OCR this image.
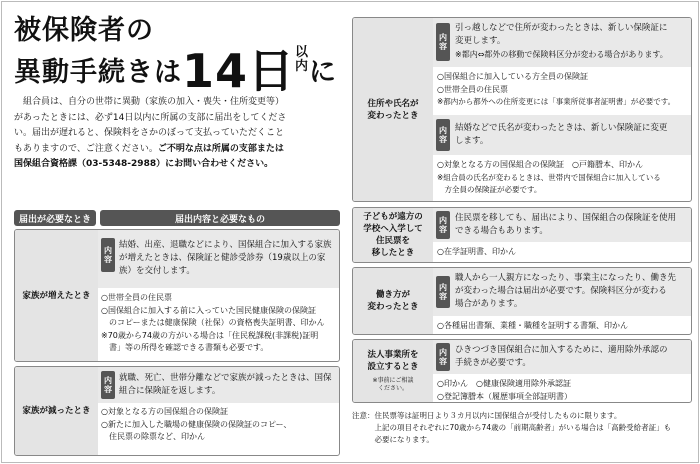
被保険者の
異動手続きは14日以
内に
　組合員は、自分の世帯に異動（家族の加入・喪失・住所変更等）
があったときには、必ず14日以内に所属の支部に届出をしてくださ
い。届出が遅れると、保険料をさかのぼって支払っていただくこと
もありますので、ご注意ください。ご不明な点は所属の支部または
国保組合資格課（03-5348-2988）にお問い合わせください。
届出が必要なとき	届出内容と必要なもの
家族が増えたとき
内容
結婚、出産、退職などにより、国保組合に加入する家族
が増えたときは、保険証と健診受診券（19歳以上の家
族）を交付します。
○世帯全員の住民票
○国保組合に加入する前に入っていた国民健康保険の保険証
　のコピーまたは健康保険（社保）の資格喪失証明書、印かん
※70歳から74歳の方がいる場合は「住民税課税(非課税)証明
　書」等の所得を確認できる書類も必要です。
家族が減ったとき
内容 就職、死亡、世帯分離などで家族が減ったときは、国保
組合に保険証を返します。
○対象となる方の国保組合の保険証
○新たに加入した職場の健康保険の保険証のコピー、
　住民票の除票など、印かん
住所や氏名が
変わったとき
内容
引っ越しなどで住所が変わったときは、新しい保険証に
変更します。
※都内⇔都外の移動で保険料区分が変わる場合があります。
○国保組合に加入している方全員の保険証
○世帯全員の住民票
※都内から都外への住所変更には「事業所従事者証明書」が必要です。
内容 結婚などで氏名が変わったときは、新しい保険証に変更
します。
○対象となる方の国保組合の保険証　○戸籍謄本、印かん
※組合員の氏名が変わるときは、世帯内で国保組合に加入している
　方全員の保険証が必要です。
子どもが遠方の
学校へ入学して
住民票を
移したとき
内容 住民票を移しても、届出により、国保組合の保険証を使用
できる場合もあります。
○在学証明書、印かん
働き方が
変わったとき
内容
職人から一人親方になったり、事業主になったり、働き先
が変わった場合は届出が必要です。保険料区分が変わる
場合があります。
○各種届出書類、業種・職種を証明する書類、印かん
法人事業所を
設立するとき
※事前にご相談
ください。
内容 ひきつづき国保組合に加入するために、適用除外承認の
手続きが必要です。
○印かん　○健康保険適用除外承認証
○登記簿謄本（履歴事項全部証明書）
注意：住民票等は証明日より３カ月以内に国保組合が受付したものに限ります。
　　　上記の項目それぞれに70歳から74歳の「前期高齢者」がいる場合は「高齢受給者証」も
　　　必要になります。
